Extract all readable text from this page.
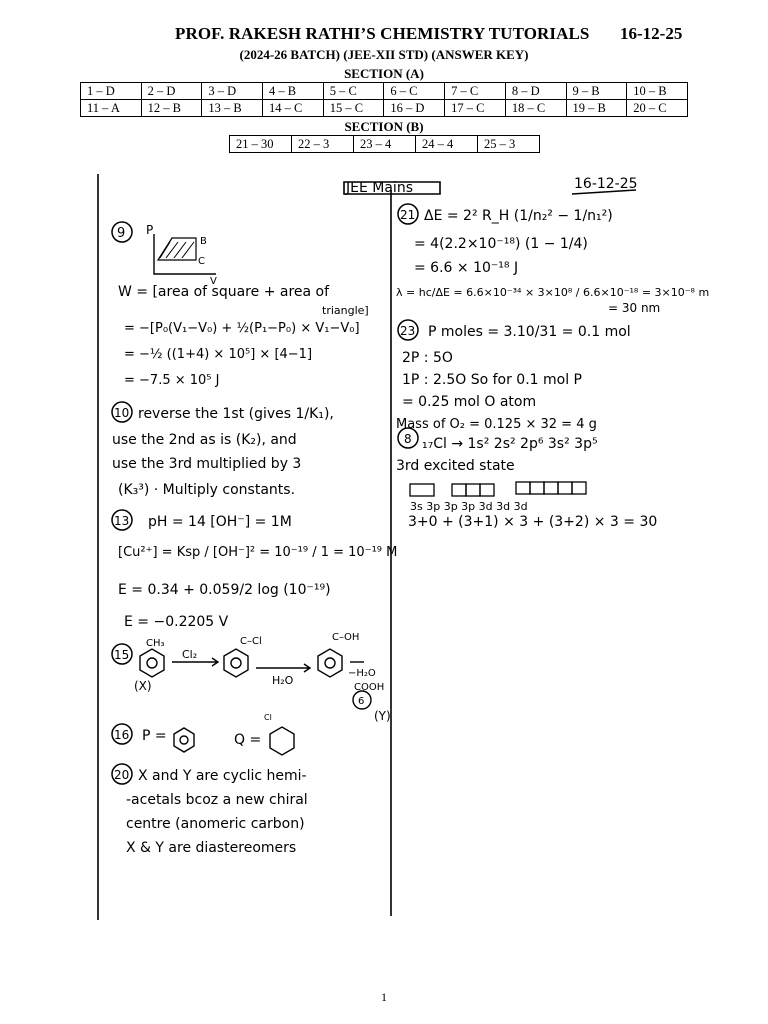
PROF. RAKESH RATHI’S CHEMISTRY TUTORIALS 16-12-25
(2024-26 BATCH) (JEE-XII STD) (ANSWER KEY)
SECTION (A)
1 – D	2 – D	3 – D	4 – B	5 – C	6 – C	7 – C	8 – D	9 – B	10 – B
11 – A	12 – B	13 – B	14 – C	15 – C	16 – D	17 – C	18 – C	19 – B	20 – C
SECTION (B)
21 – 30	22 – 3	23 – 4	24 – 4	25 – 3
JEE Mains	16-12-25
9 P
B
C
V
W = [area of square + area of
triangle]
= −[P₀(V₁−V₀) + ½(P₁−P₀) × V₁−V₀]
= −½ ((1+4) × 10⁵] × [4−1]
= −7.5 × 10⁵ J
10 reverse the 1st (gives 1/K₁),
use the 2nd as is (K₂), and
use the 3rd multiplied by 3
(K₃³) · Multiply constants.
13 pH = 14 [OH⁻] = 1M
[Cu²⁺] = Ksp / [OH⁻]² = 10⁻¹⁹ / 1 = 10⁻¹⁹ M
E = 0.34 + 0.059/2 log (10⁻¹⁹)
E = −0.2205 V
15
CH₃
Cl₂
C–Cl
H₂O
C–OH
−H₂O
COOH
(X)
6
(Y)
16 P =	Q =
Cl
20 X and Y are cyclic hemi-
-acetals bcoz a new chiral
centre (anomeric carbon)
X & Y are diastereomers
21 ΔE = 2² R_H (1/n₂² − 1/n₁²)
= 4(2.2×10⁻¹⁸) (1 − 1/4)
= 6.6 × 10⁻¹⁸ J
λ = hc/ΔE = 6.6×10⁻³⁴ × 3×10⁸ / 6.6×10⁻¹⁸ = 3×10⁻⁸ m
= 30 nm
23 P moles = 3.10/31 = 0.1 mol
2P : 5O
1P : 2.5O So for 0.1 mol P
= 0.25 mol O atom
Mass of O₂ = 0.125 × 32 = 4 g
8 ₁₇Cl → 1s² 2s² 2p⁶ 3s² 3p⁵
3rd excited state
3s 3p 3p 3p 3d 3d 3d
3+0 + (3+1) × 3 + (3+2) × 3 = 30
1
